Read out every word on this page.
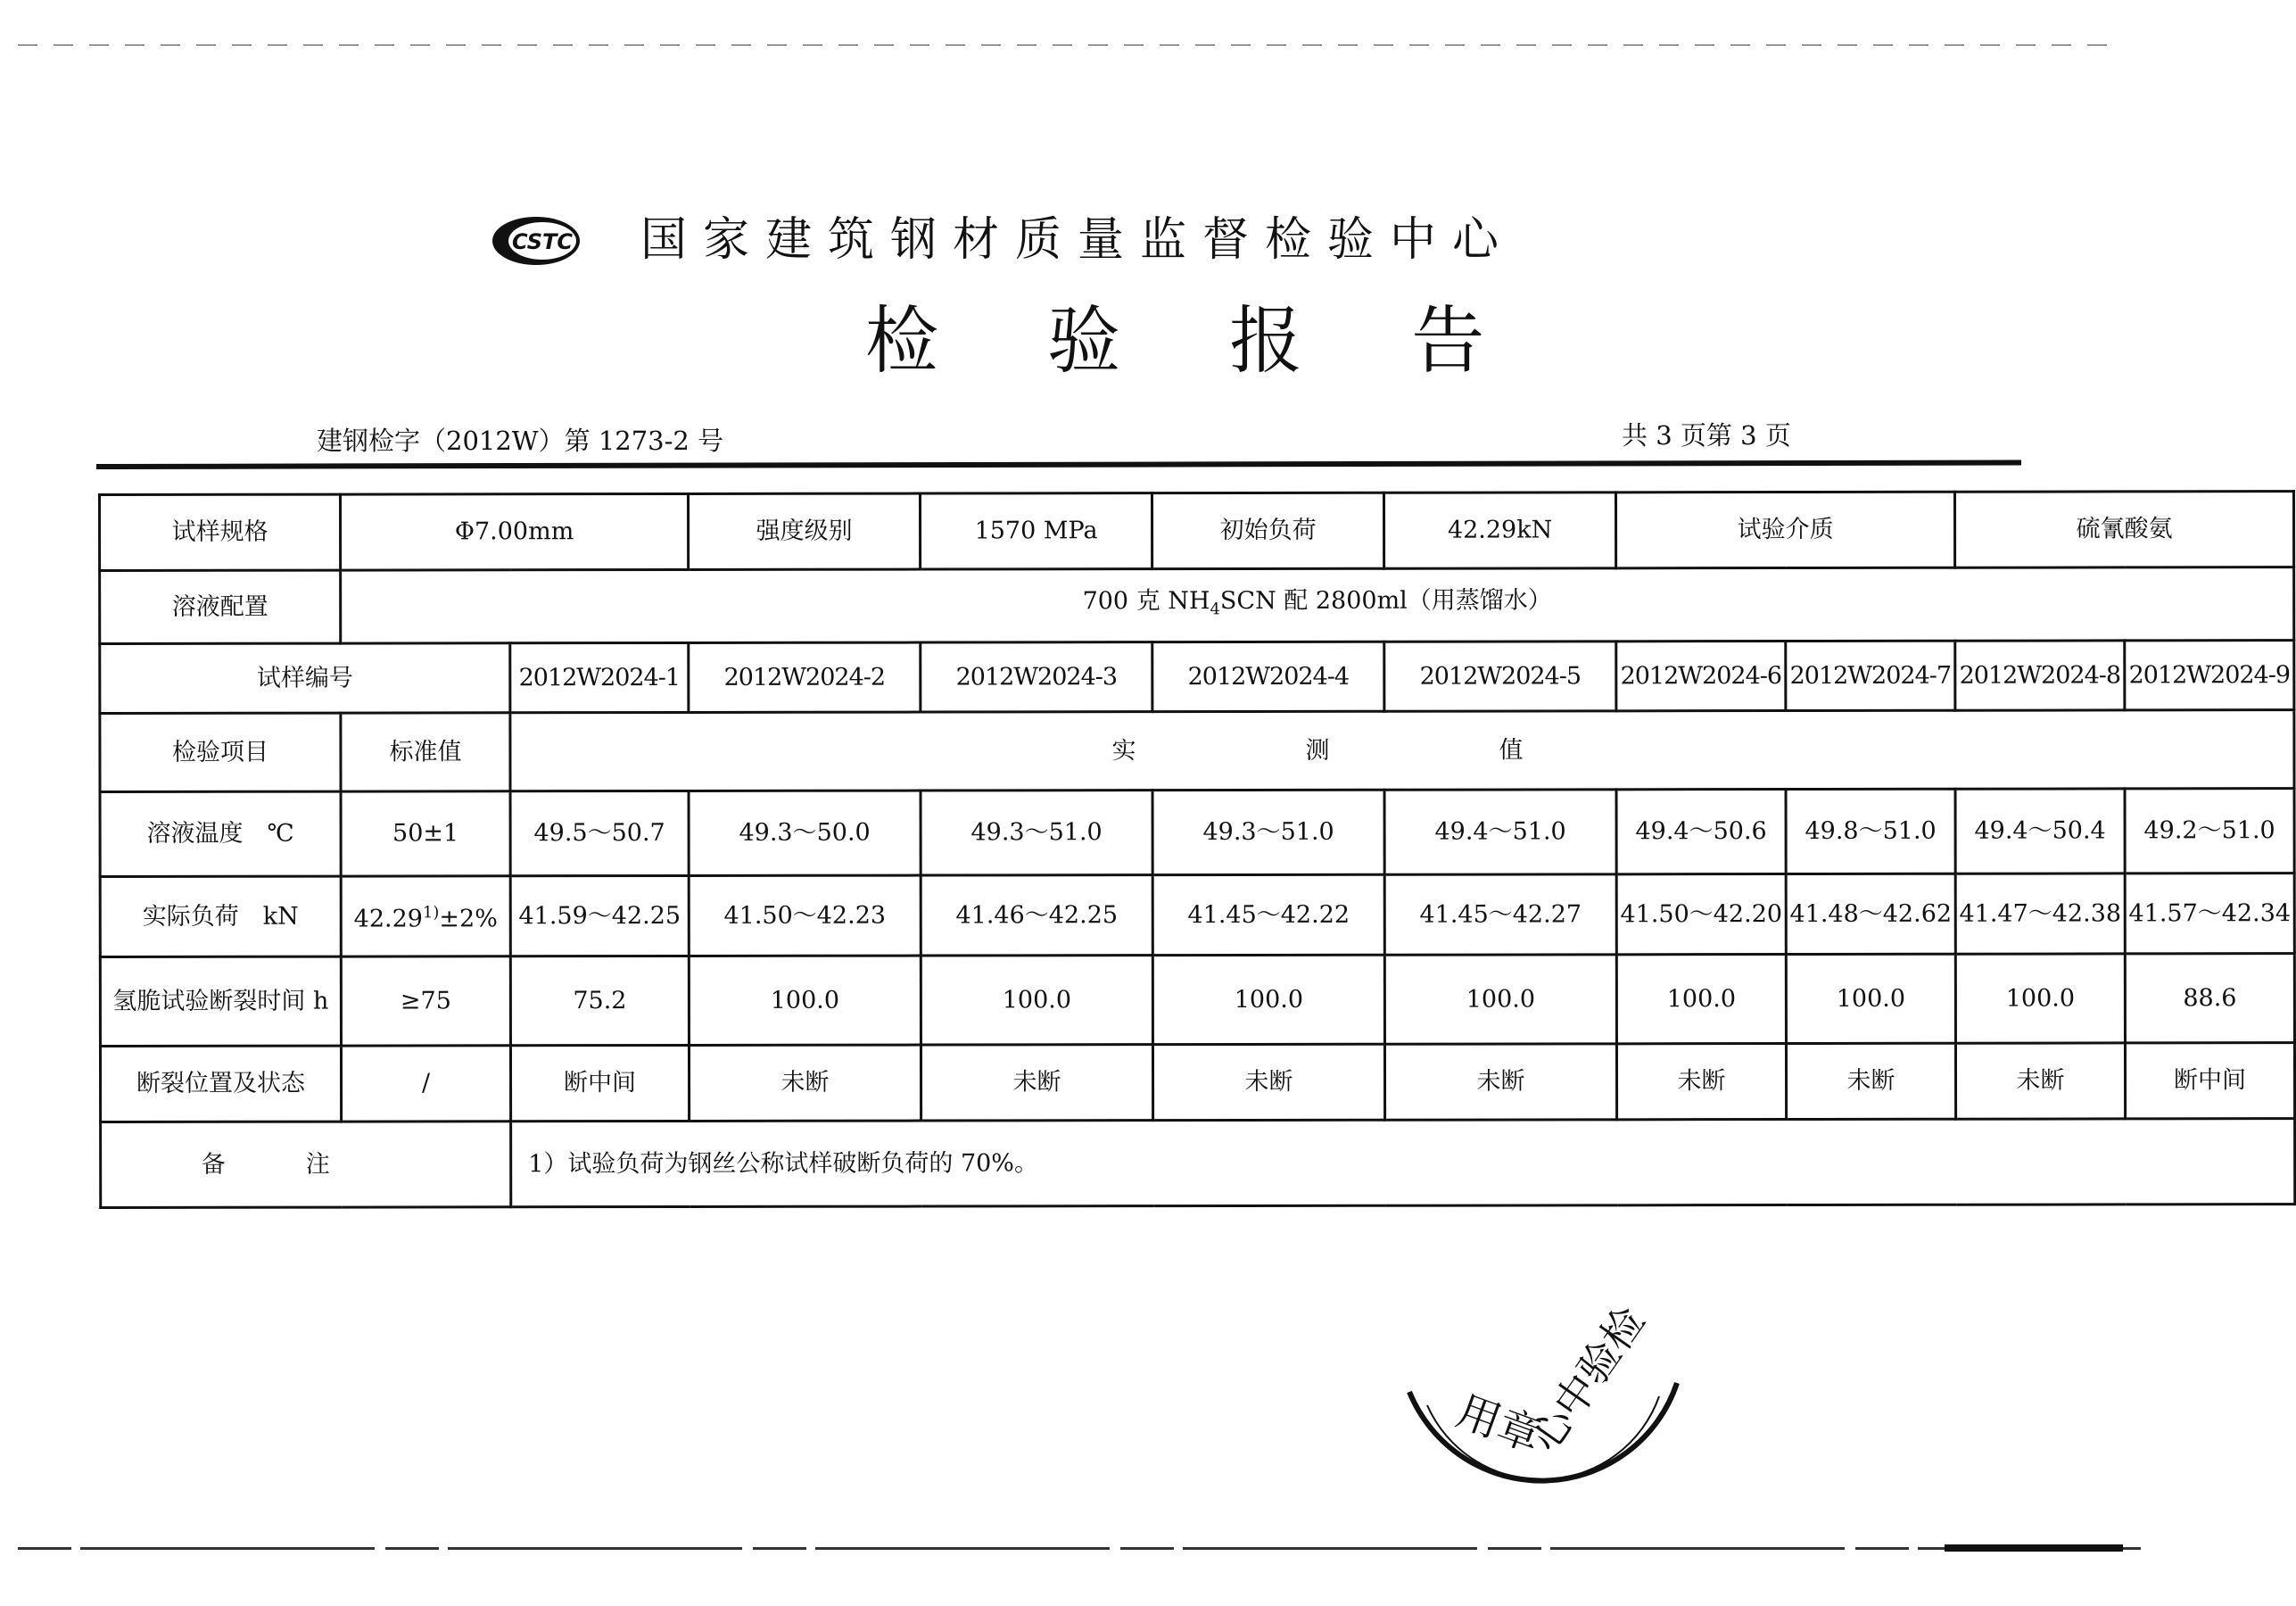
CSTC 国家建筑钢材质量监督检验中心
检 验 报 告
建钢检字（2012W）第 1273-2 号	共 3 页第 3 页
试样规格	Φ7.00mm		强度级别	1570 MPa	初始负荷	42.29kN	试验介质		硫氰酸氨	
溶液配置	700 克 $NH_4SCN$ 配 2800ml（用蒸馏水）									
试样编号		2012W2024-1	2012W2024-2	2012W2024-3	2012W2024-4	2012W2024-5	2012W2024-6	2012W2024-7	2012W2024-8	2012W2024-9
检验项目	标准值	实测值								
溶液温度　℃	50±1	49.5～50.7	49.3～50.0	49.3～51.0	49.3～51.0	49.4～51.0	49.4～50.6	49.8～51.0	49.4～50.4	49.2～51.0
实际负荷　kN	$42.29^{1)}\pm 2\%$	41.59～42.25	41.50～42.23	41.46～42.25	41.45～42.22	41.45～42.27	41.50～42.20	41.48～42.62	41.47～42.38	41.57～42.34
氢脆试验断裂时间 h	≥75	75.2	100.0	100.0	100.0	100.0	100.0	100.0	100.0	88.6
断裂位置及状态	/	断中间	未断	未断	未断	未断	未断	未断	未断	断中间
备注		1）试验负荷为钢丝公称试样破断负荷的 70%。								
用章
心中验检
